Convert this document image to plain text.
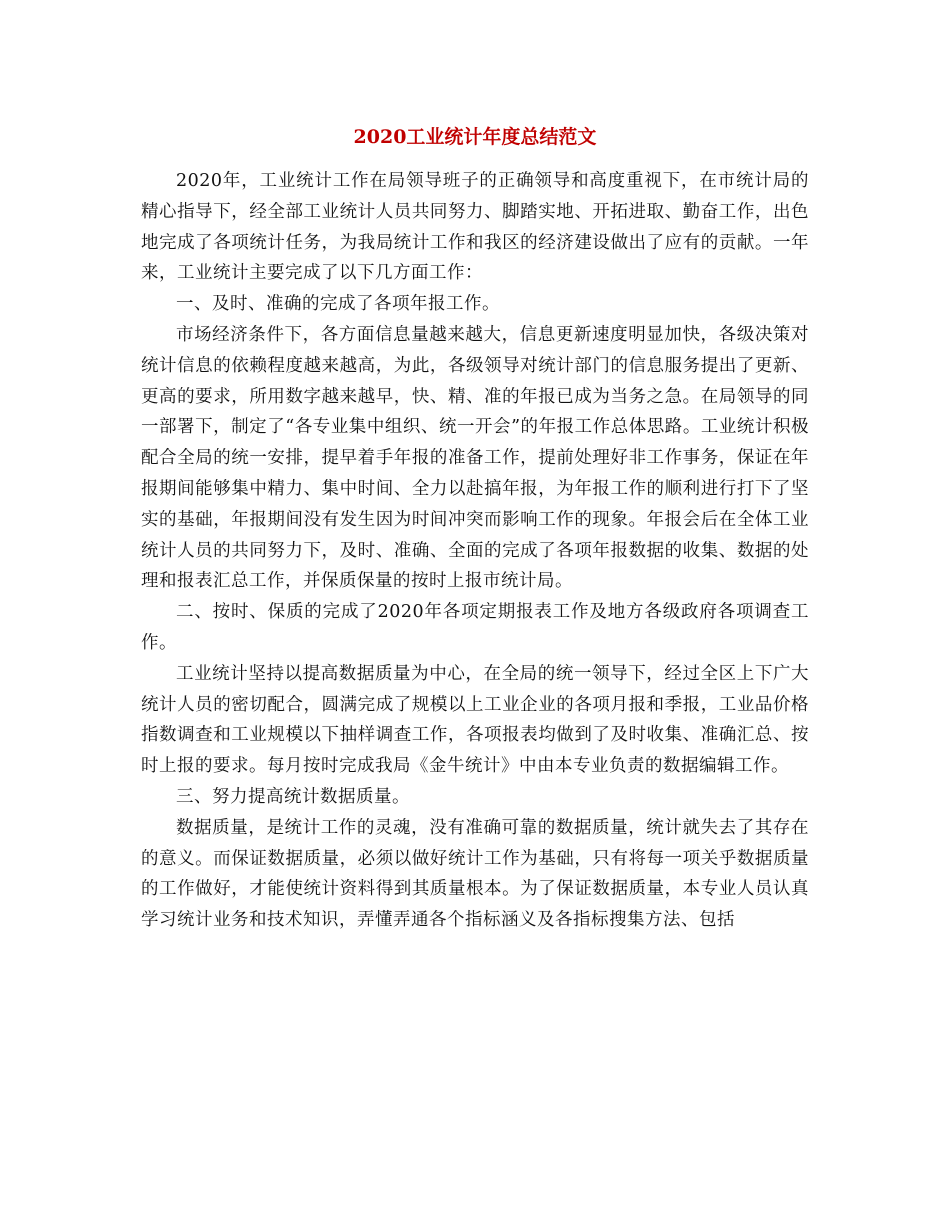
2020工业统计年度总结范文

2020年，工业统计工作在局领导班子的正确领导和高度重视下，在市统计局的精心指导下，经全部工业统计人员共同努力、脚踏实地、开拓进取、勤奋工作，出色地完成了各项统计任务，为我局统计工作和我区的经济建设做出了应有的贡献。一年来，工业统计主要完成了以下几方面工作：

一、及时、准确的完成了各项年报工作。

市场经济条件下，各方面信息量越来越大，信息更新速度明显加快，各级决策对统计信息的依赖程度越来越高，为此，各级领导对统计部门的信息服务提出了更新、更高的要求，所用数字越来越早，快、精、准的年报已成为当务之急。在局领导的同一部署下，制定了“各专业集中组织、统一开会”的年报工作总体思路。工业统计积极配合全局的统一安排，提早着手年报的准备工作，提前处理好非工作事务，保证在年报期间能够集中精力、集中时间、全力以赴搞年报，为年报工作的顺利进行打下了坚实的基础，年报期间没有发生因为时间冲突而影响工作的现象。年报会后在全体工业统计人员的共同努力下，及时、准确、全面的完成了各项年报数据的收集、数据的处理和报表汇总工作，并保质保量的按时上报市统计局。

二、按时、保质的完成了2020年各项定期报表工作及地方各级政府各项调查工作。

工业统计坚持以提高数据质量为中心，在全局的统一领导下，经过全区上下广大统计人员的密切配合，圆满完成了规模以上工业企业的各项月报和季报，工业品价格指数调查和工业规模以下抽样调查工作，各项报表均做到了及时收集、准确汇总、按时上报的要求。每月按时完成我局《金牛统计》中由本专业负责的数据编辑工作。

三、努力提高统计数据质量。

数据质量，是统计工作的灵魂，没有准确可靠的数据质量，统计就失去了其存在的意义。而保证数据质量，必须以做好统计工作为基础，只有将每一项关乎数据质量的工作做好，才能使统计资料得到其质量根本。为了保证数据质量，本专业人员认真学习统计业务和技术知识，弄懂弄通各个指标涵义及各指标搜集方法、包括
